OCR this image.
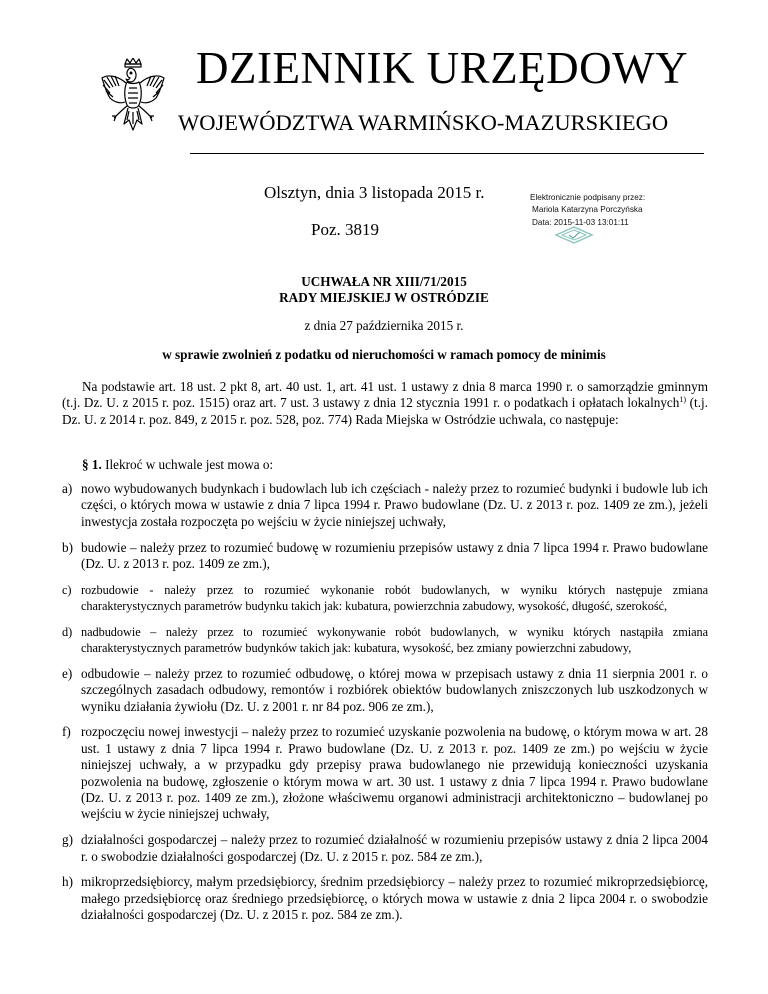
DZIENNIK URZĘDOWY
WOJEWÓDZTWA WARMIŃSKO-MAZURSKIEGO
Olsztyn, dnia 3 listopada 2015 r.
Poz. 3819
Elektronicznie podpisany przez:
Mariola Katarzyna Porczyńska
Data: 2015-11-03 13:01:11
UCHWAŁA NR XIII/71/2015
RADY MIEJSKIEJ W OSTRÓDZIE
z dnia 27 października 2015 r.
w sprawie zwolnień z podatku od nieruchomości w ramach pomocy de minimis
Na podstawie art. 18 ust. 2 pkt 8, art. 40 ust. 1, art. 41 ust. 1 ustawy z dnia 8 marca 1990 r. o samorządzie gminnym (t.j. Dz. U. z 2015 r. poz. 1515) oraz art. 7 ust. 3 ustawy z dnia 12 stycznia 1991 r. o podatkach i opłatach lokalnych$^{1)}$ (t.j. Dz. U. z 2014 r. poz. 849, z 2015 r. poz. 528, poz. 774) Rada Miejska w Ostródzie uchwala, co następuje:
§ 1. Ilekroć w uchwale jest mowa o:
a) nowo wybudowanych budynkach i budowlach lub ich częściach - należy przez to rozumieć budynki i budowle lub ich części, o których mowa w ustawie z dnia 7 lipca 1994 r. Prawo budowlane (Dz. U. z 2013 r. poz. 1409 ze zm.), jeżeli inwestycja została rozpoczęta po wejściu w życie niniejszej uchwały,
b) budowie – należy przez to rozumieć budowę w rozumieniu przepisów ustawy z dnia 7 lipca 1994 r. Prawo budowlane (Dz. U. z 2013 r. poz. 1409 ze zm.),
c) rozbudowie - należy przez to rozumieć wykonanie robót budowlanych, w wyniku których następuje zmiana charakterystycznych parametrów budynku takich jak: kubatura, powierzchnia zabudowy, wysokość, długość, szerokość,
d) nadbudowie – należy przez to rozumieć wykonywanie robót budowlanych, w wyniku których nastąpiła zmiana charakterystycznych parametrów budynków takich jak: kubatura, wysokość, bez zmiany powierzchni zabudowy,
e) odbudowie – należy przez to rozumieć odbudowę, o której mowa w przepisach ustawy z dnia 11 sierpnia 2001 r. o szczególnych zasadach odbudowy, remontów i rozbiórek obiektów budowlanych zniszczonych lub uszkodzonych w wyniku działania żywiołu (Dz. U. z 2001 r. nr 84 poz. 906 ze zm.),
f) rozpoczęciu nowej inwestycji – należy przez to rozumieć uzyskanie pozwolenia na budowę, o którym mowa w art. 28 ust. 1 ustawy z dnia 7 lipca 1994 r. Prawo budowlane (Dz. U. z 2013 r. poz. 1409 ze zm.) po wejściu w życie niniejszej uchwały, a w przypadku gdy przepisy prawa budowlanego nie przewidują konieczności uzyskania pozwolenia na budowę, zgłoszenie o którym mowa w art. 30 ust. 1 ustawy z dnia 7 lipca 1994 r. Prawo budowlane (Dz. U. z 2013 r. poz. 1409 ze zm.), złożone właściwemu organowi administracji architektoniczno – budowlanej po wejściu w życie niniejszej uchwały,
g) działalności gospodarczej – należy przez to rozumieć działalność w rozumieniu przepisów ustawy z dnia 2 lipca 2004 r. o swobodzie działalności gospodarczej (Dz. U. z 2015 r. poz. 584 ze zm.),
h) mikroprzedsiębiorcy, małym przedsiębiorcy, średnim przedsiębiorcy – należy przez to rozumieć mikroprzedsiębiorcę, małego przedsiębiorcę oraz średniego przedsiębiorcę, o których mowa w ustawie z dnia 2 lipca 2004 r. o swobodzie działalności gospodarczej (Dz. U. z 2015 r. poz. 584 ze zm.).
